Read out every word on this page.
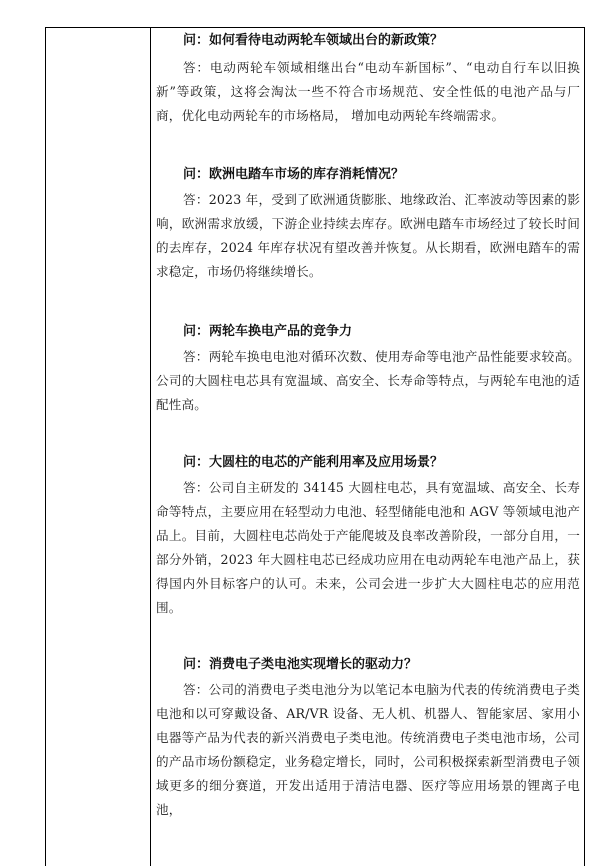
问：如何看待电动两轮车领域出台的新政策？
答：电动两轮车领域相继出台“电动车新国标”、“电动自行车以旧换新”等政策，这将会淘汰一些不符合市场规范、安全性低的电池产品与厂商，优化电动两轮车的市场格局， 增加电动两轮车终端需求。
问：欧洲电踏车市场的库存消耗情况？
答：2023 年，受到了欧洲通货膨胀、地缘政治、汇率波动等因素的影响，欧洲需求放缓，下游企业持续去库存。欧洲电踏车市场经过了较长时间的去库存，2024 年库存状况有望改善并恢复。从长期看，欧洲电踏车的需求稳定，市场仍将继续增长。
问：两轮车换电产品的竞争力
答：两轮车换电电池对循环次数、使用寿命等电池产品性能要求较高。公司的大圆柱电芯具有宽温域、高安全、长寿命等特点，与两轮车电池的适配性高。
问：大圆柱的电芯的产能利用率及应用场景？
答：公司自主研发的 34145 大圆柱电芯，具有宽温域、高安全、长寿命等特点，主要应用在轻型动力电池、轻型储能电池和 AGV 等领域电池产品上。目前，大圆柱电芯尚处于产能爬坡及良率改善阶段，一部分自用，一部分外销，2023 年大圆柱电芯已经成功应用在电动两轮车电池产品上，获得国内外目标客户的认可。未来，公司会进一步扩大大圆柱电芯的应用范围。
问：消费电子类电池实现增长的驱动力？
答：公司的消费电子类电池分为以笔记本电脑为代表的传统消费电子类电池和以可穿戴设备、AR/VR 设备、无人机、机器人、智能家居、家用小电器等产品为代表的新兴消费电子类电池。传统消费电子类电池市场，公司的产品市场份额稳定，业务稳定增长，同时，公司积极探索新型消费电子领域更多的细分赛道，开发出适用于清洁电器、医疗等应用场景的锂离子电池，
